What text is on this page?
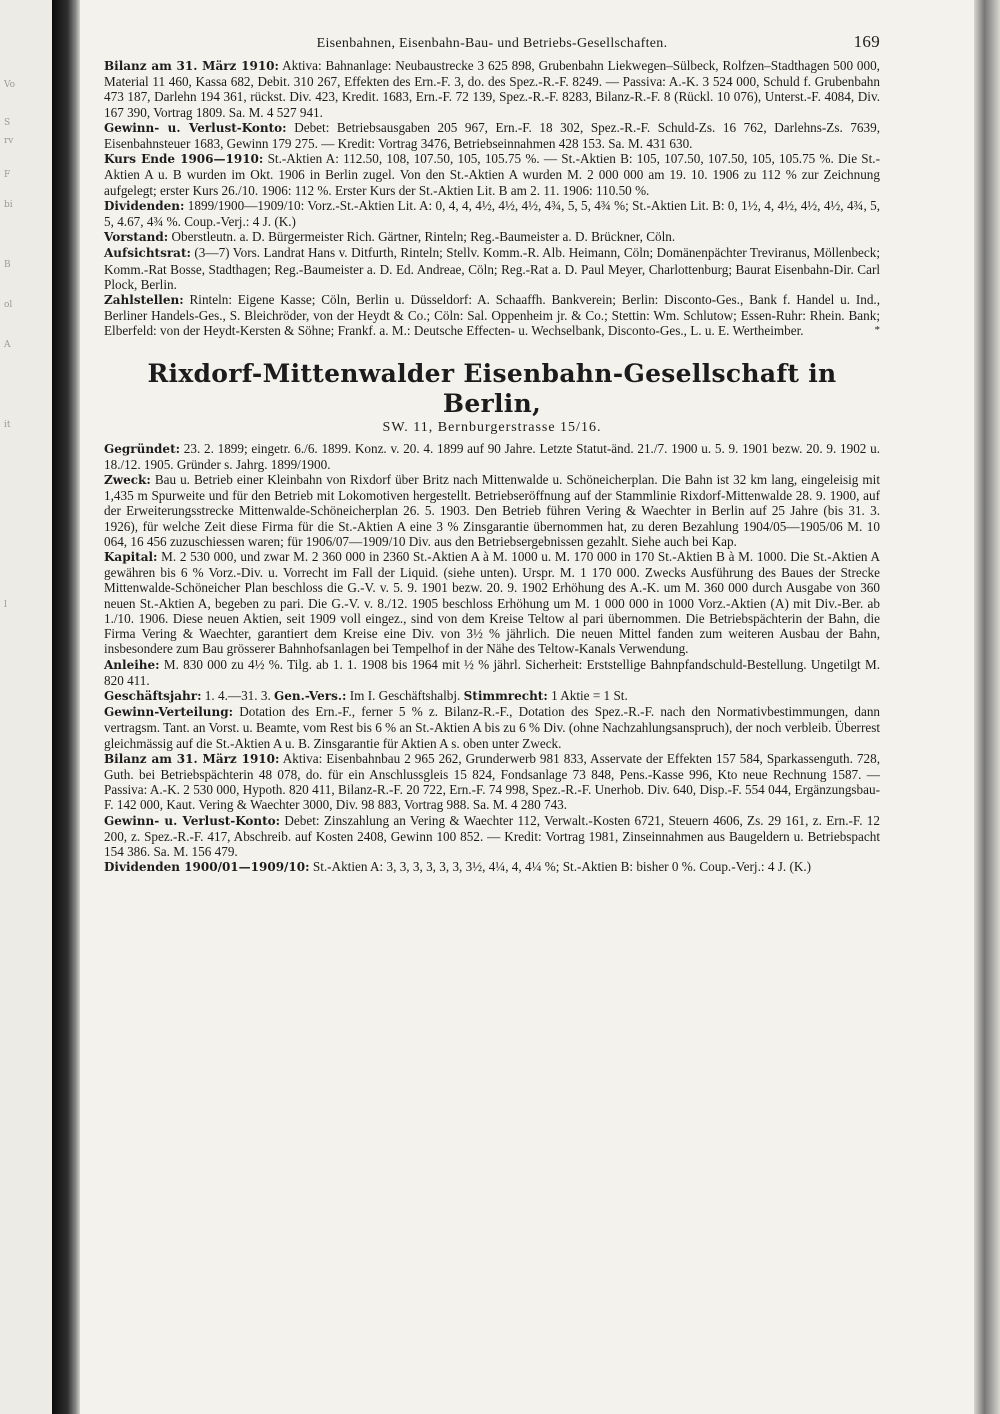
Vo
S
rv
F
bi
B
ol
A
it
l
Eisenbahnen, Eisenbahn-Bau- und Betriebs-Gesellschaften.	169

Bilanz am 31. März 1910: Aktiva: Bahnanlage: Neubaustrecke 3 625 898, Grubenbahn Liekwegen–Sülbeck, Rolfzen–Stadthagen 500 000, Material 11 460, Kassa 682, Debit. 310 267, Effekten des Ern.-F. 3, do. des Spez.-R.-F. 8249. — Passiva: A.-K. 3 524 000, Schuld f. Grubenbahn 473 187, Darlehn 194 361, rückst. Div. 423, Kredit. 1683, Ern.-F. 72 139, Spez.-R.-F. 8283, Bilanz-R.-F. 8 (Rückl. 10 076), Unterst.-F. 4084, Div. 167 390, Vortrag 1809. Sa. M. 4 527 941.

Gewinn- u. Verlust-Konto: Debet: Betriebsausgaben 205 967, Ern.-F. 18 302, Spez.-R.-F. Schuld-Zs. 16 762, Darlehns-Zs. 7639, Eisenbahnsteuer 1683, Gewinn 179 275. — Kredit: Vortrag 3476, Betriebseinnahmen 428 153. Sa. M. 431 630.

Kurs Ende 1906—1910: St.-Aktien A: 112.50, 108, 107.50, 105, 105.75 %. — St.-Aktien B: 105, 107.50, 107.50, 105, 105.75 %. Die St.-Aktien A u. B wurden im Okt. 1906 in Berlin zugel. Von den St.-Aktien A wurden M. 2 000 000 am 19. 10. 1906 zu 112 % zur Zeichnung aufgelegt; erster Kurs 26./10. 1906: 112 %. Erster Kurs der St.-Aktien Lit. B am 2. 11. 1906: 110.50 %.

Dividenden: 1899/1900—1909/10: Vorz.-St.-Aktien Lit. A: 0, 4, 4, 4½, 4½, 4½, 4¾, 5, 5, 4¾ %; St.-Aktien Lit. B: 0, 1½, 4, 4½, 4½, 4½, 4¾, 5, 5, 4.67, 4¾ %. Coup.-Verj.: 4 J. (K.)

Vorstand: Oberstleutn. a. D. Bürgermeister Rich. Gärtner, Rinteln; Reg.-Baumeister a. D. Brückner, Cöln.

Aufsichtsrat: (3—7) Vors. Landrat Hans v. Ditfurth, Rinteln; Stellv. Komm.-R. Alb. Heimann, Cöln; Domänenpächter Treviranus, Möllenbeck; Komm.-Rat Bosse, Stadthagen; Reg.-Baumeister a. D. Ed. Andreae, Cöln; Reg.-Rat a. D. Paul Meyer, Charlottenburg; Baurat Eisenbahn-Dir. Carl Plock, Berlin.

Zahlstellen: Rinteln: Eigene Kasse; Cöln, Berlin u. Düsseldorf: A. Schaaffh. Bankverein; Berlin: Disconto-Ges., Bank f. Handel u. Ind., Berliner Handels-Ges., S. Bleichröder, von der Heydt & Co.; Cöln: Sal. Oppenheim jr. & Co.; Stettin: Wm. Schlutow; Essen-Ruhr: Rhein. Bank; Elberfeld: von der Heydt-Kersten & Söhne; Frankf. a. M.: Deutsche Effecten- u. Wechselbank, Disconto-Ges., L. u. E. Wertheimber.	*

Rixdorf-Mittenwalder Eisenbahn-Gesellschaft in Berlin,
SW. 11, Bernburgerstrasse 15/16.

Gegründet: 23. 2. 1899; eingetr. 6./6. 1899. Konz. v. 20. 4. 1899 auf 90 Jahre. Letzte Statut-änd. 21./7. 1900 u. 5. 9. 1901 bezw. 20. 9. 1902 u. 18./12. 1905. Gründer s. Jahrg. 1899/1900.

Zweck: Bau u. Betrieb einer Kleinbahn von Rixdorf über Britz nach Mittenwalde u. Schöneicherplan. Die Bahn ist 32 km lang, eingeleisig mit 1,435 m Spurweite und für den Betrieb mit Lokomotiven hergestellt. Betriebseröffnung auf der Stammlinie Rixdorf-Mittenwalde 28. 9. 1900, auf der Erweiterungsstrecke Mittenwalde-Schöneicherplan 26. 5. 1903. Den Betrieb führen Vering & Waechter in Berlin auf 25 Jahre (bis 31. 3. 1926), für welche Zeit diese Firma für die St.-Aktien A eine 3 % Zinsgarantie übernommen hat, zu deren Bezahlung 1904/05—1905/06 M. 10 064, 16 456 zuzuschiessen waren; für 1906/07—1909/10 Div. aus den Betriebsergebnissen gezahlt. Siehe auch bei Kap.

Kapital: M. 2 530 000, und zwar M. 2 360 000 in 2360 St.-Aktien A à M. 1000 u. M. 170 000 in 170 St.-Aktien B à M. 1000. Die St.-Aktien A gewähren bis 6 % Vorz.-Div. u. Vorrecht im Fall der Liquid. (siehe unten). Urspr. M. 1 170 000. Zwecks Ausführung des Baues der Strecke Mittenwalde-Schöneicher Plan beschloss die G.-V. v. 5. 9. 1901 bezw. 20. 9. 1902 Erhöhung des A.-K. um M. 360 000 durch Ausgabe von 360 neuen St.-Aktien A, begeben zu pari. Die G.-V. v. 8./12. 1905 beschloss Erhöhung um M. 1 000 000 in 1000 Vorz.-Aktien (A) mit Div.-Ber. ab 1./10. 1906. Diese neuen Aktien, seit 1909 voll eingez., sind von dem Kreise Teltow al pari übernommen. Die Betriebspächterin der Bahn, die Firma Vering & Waechter, garantiert dem Kreise eine Div. von 3½ % jährlich. Die neuen Mittel fanden zum weiteren Ausbau der Bahn, insbesondere zum Bau grösserer Bahnhofsanlagen bei Tempelhof in der Nähe des Teltow-Kanals Verwendung.

Anleihe: M. 830 000 zu 4½ %. Tilg. ab 1. 1. 1908 bis 1964 mit ½ % jährl. Sicherheit: Erststellige Bahnpfandschuld-Bestellung. Ungetilgt M. 820 411.

Geschäftsjahr: 1. 4.—31. 3. Gen.-Vers.: Im I. Geschäftshalbj. Stimmrecht: 1 Aktie = 1 St.

Gewinn-Verteilung: Dotation des Ern.-F., ferner 5 % z. Bilanz-R.-F., Dotation des Spez.-R.-F. nach den Normativbestimmungen, dann vertragsm. Tant. an Vorst. u. Beamte, vom Rest bis 6 % an St.-Aktien A bis zu 6 % Div. (ohne Nachzahlungsanspruch), der noch verbleib. Überrest gleichmässig auf die St.-Aktien A u. B. Zinsgarantie für Aktien A s. oben unter Zweck.

Bilanz am 31. März 1910: Aktiva: Eisenbahnbau 2 965 262, Grunderwerb 981 833, Asservate der Effekten 157 584, Sparkassenguth. 728, Guth. bei Betriebspächterin 48 078, do. für ein Anschlussgleis 15 824, Fondsanlage 73 848, Pens.-Kasse 996, Kto neue Rechnung 1587. — Passiva: A.-K. 2 530 000, Hypoth. 820 411, Bilanz-R.-F. 20 722, Ern.-F. 74 998, Spez.-R.-F. Unerhob. Div. 640, Disp.-F. 554 044, Ergänzungsbau-F. 142 000, Kaut. Vering & Waechter 3000, Div. 98 883, Vortrag 988. Sa. M. 4 280 743.

Gewinn- u. Verlust-Konto: Debet: Zinszahlung an Vering & Waechter 112, Verwalt.-Kosten 6721, Steuern 4606, Zs. 29 161, z. Ern.-F. 12 200, z. Spez.-R.-F. 417, Abschreib. auf Kosten 2408, Gewinn 100 852. — Kredit: Vortrag 1981, Zinseinnahmen aus Baugeldern u. Betriebspacht 154 386. Sa. M. 156 479.

Dividenden 1900/01—1909/10: St.-Aktien A: 3, 3, 3, 3, 3, 3, 3½, 4¼, 4, 4¼ %; St.-Aktien B: bisher 0 %. Coup.-Verj.: 4 J. (K.)
